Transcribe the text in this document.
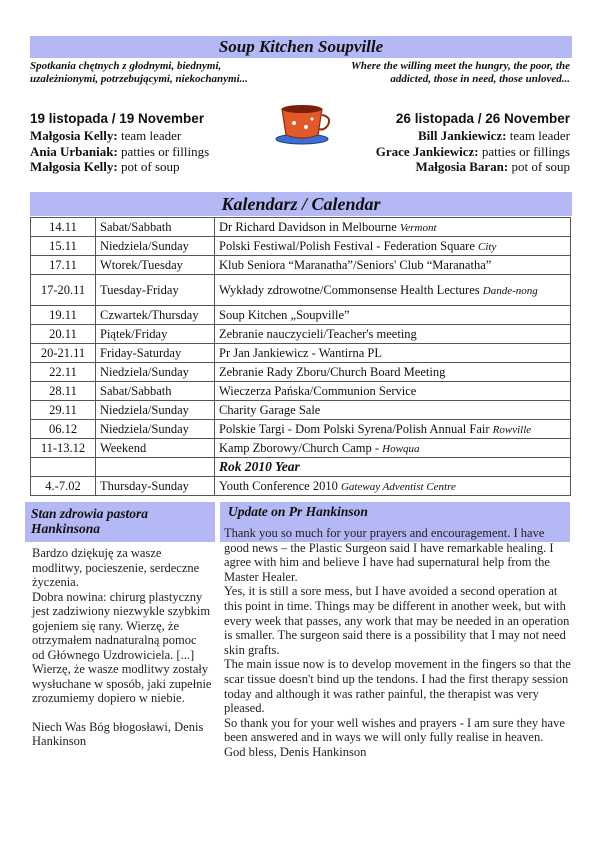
Soup Kitchen Soupville
Spotkania chętnych z głodnymi, biednymi, uzależnionymi, potrzebującymi, niekochanymi...
Where the willing meet the hungry, the poor, the addicted, those in need, those unloved...
19 listopada / 19 November	26 listopada / 26 November
Małgosia Kelly: team leader
Ania Urbaniak: patties or fillings
Małgosia Kelly: pot of soup
Bill Jankiewicz: team leader
Grace Jankiewicz: patties or fillings
Małgosia Baran: pot of soup
Kalendarz / Calendar
14.11	Sabat/Sabbath	Dr Richard Davidson in Melbourne Vermont
15.11	Niedziela/Sunday	Polski Festiwal/Polish Festival - Federation Square City
17.11	Wtorek/Tuesday	Klub Seniora “Maranatha”/Seniors' Club “Maranatha”
17-20.11	Tuesday-Friday	Wykłady zdrowotne/Commonsense Health Lectures Dande-nong
19.11	Czwartek/Thursday	Soup Kitchen „Soupville”
20.11	Piątek/Friday	Zebranie nauczycieli/Teacher's meeting
20-21.11	Friday-Saturday	Pr Jan Jankiewicz - Wantirna PL
22.11	Niedziela/Sunday	Zebranie Rady Zboru/Church Board Meeting
28.11	Sabat/Sabbath	Wieczerza Pańska/Communion Service
29.11	Niedziela/Sunday	Charity Garage Sale
06.12	Niedziela/Sunday	Polskie Targi - Dom Polski Syrena/Polish Annual Fair Rowville
11-13.12	Weekend	Kamp Zborowy/Church Camp - Howqua
		Rok 2010 Year
4.-7.02	Thursday-Sunday	Youth Conference 2010 Gateway Adventist Centre
Stan zdrowia pastora Hankinsona
Update on Pr Hankinson

Bardzo dziękuję za wasze modlitwy, pocieszenie, serdeczne życzenia.

Dobra nowina: chirurg plastyczny jest zadziwiony niezwykle szybkim gojeniem się rany. Wierzę, że otrzymałem nadnaturalną pomoc od Głównego Uzdrowiciela. [...]

Wierzę, że wasze modlitwy zostały wysłuchane w sposób, jaki zupełnie zrozumiemy dopiero w niebie.

Niech Was Bóg błogosławi, Denis Hankinson

Thank you so much for your prayers and encouragement. I have good news – the Plastic Surgeon said I have remarkable healing. I agree with him and believe I have had supernatural help from the Master Healer.

Yes, it is still a sore mess, but I have avoided a second operation at this point in time. Things may be different in another week, but with every week that passes, any work that may be needed in an operation is smaller. The surgeon said there is a possibility that I may not need skin grafts.

The main issue now is to develop movement in the fingers so that the scar tissue doesn't bind up the tendons. I had the first therapy session today and although it was rather painful, the therapist was very pleased.

So thank you for your well wishes and prayers - I am sure they have been answered and in ways we will only fully realise in heaven.

God bless, Denis Hankinson
